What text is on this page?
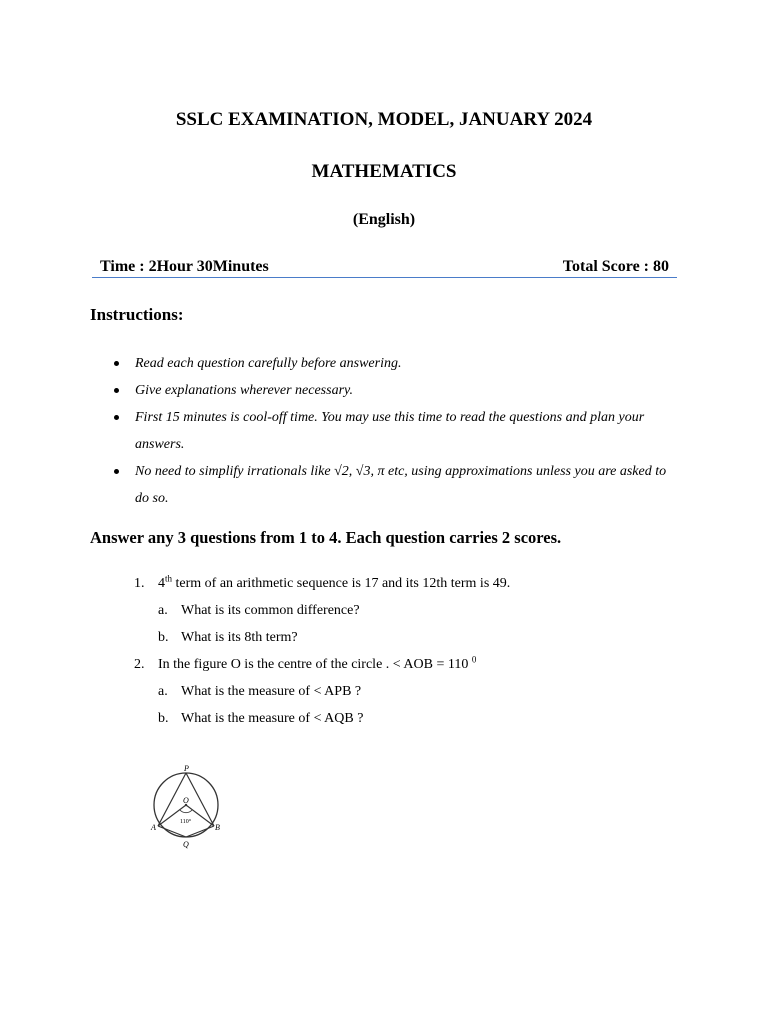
SSLC EXAMINATION, MODEL, JANUARY 2024
MATHEMATICS
(English)
Time : 2Hour 30Minutes	Total Score : 80
Instructions:
Read each question carefully before answering.
Give explanations wherever necessary.
First 15 minutes is cool-off time. You may use this time to read the questions and plan your answers.
No need to simplify irrationals like √2, √3, π etc, using approximations unless you are asked to do so.
Answer any 3 questions from 1 to 4. Each question carries 2 scores.
1. 4th term of an arithmetic sequence is 17 and its 12th term is 49.
a. What is its common difference?
b. What is its 8th term?
2. In the figure O is the centre of the circle . < AOB = 110 $^0$
a. What is the measure of < APB ?
b. What is the measure of < AQB ?
P
O
110°
A	B
Q
